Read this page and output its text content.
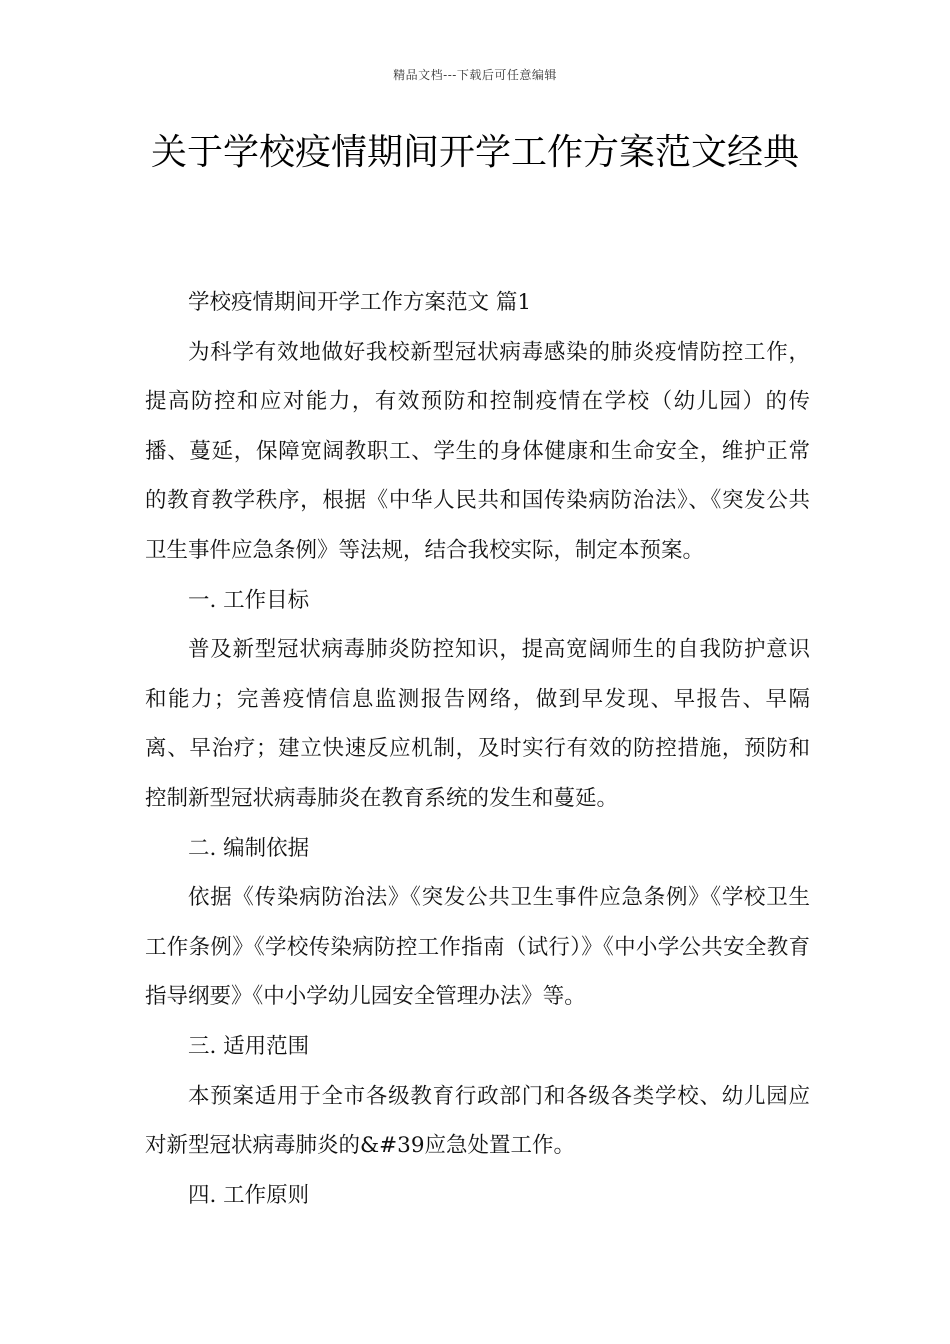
精品文档---下载后可任意编辑
关于学校疫情期间开学工作方案范文经典

学校疫情期间开学工作方案范文 篇1

为科学有效地做好我校新型冠状病毒感染的肺炎疫情防控工作，提高防控和应对能力，有效预防和控制疫情在学校（幼儿园）的传播、蔓延，保障宽阔教职工、学生的身体健康和生命安全，维护正常的教育教学秩序，根据《中华人民共和国传染病防治法》、《突发公共卫生事件应急条例》等法规，结合我校实际，制定本预案。

一. 工作目标

普及新型冠状病毒肺炎防控知识，提高宽阔师生的自我防护意识和能力；完善疫情信息监测报告网络，做到早发现、早报告、早隔离、早治疗；建立快速反应机制，及时实行有效的防控措施，预防和控制新型冠状病毒肺炎在教育系统的发生和蔓延。

二. 编制依据

依据《传染病防治法》《突发公共卫生事件应急条例》《学校卫生工作条例》《学校传染病防控工作指南（试行）》《中小学公共安全教育指导纲要》《中小学幼儿园安全管理办法》等。

三. 适用范围

本预案适用于全市各级教育行政部门和各级各类学校、幼儿园应对新型冠状病毒肺炎的&#39应急处置工作。

四. 工作原则
